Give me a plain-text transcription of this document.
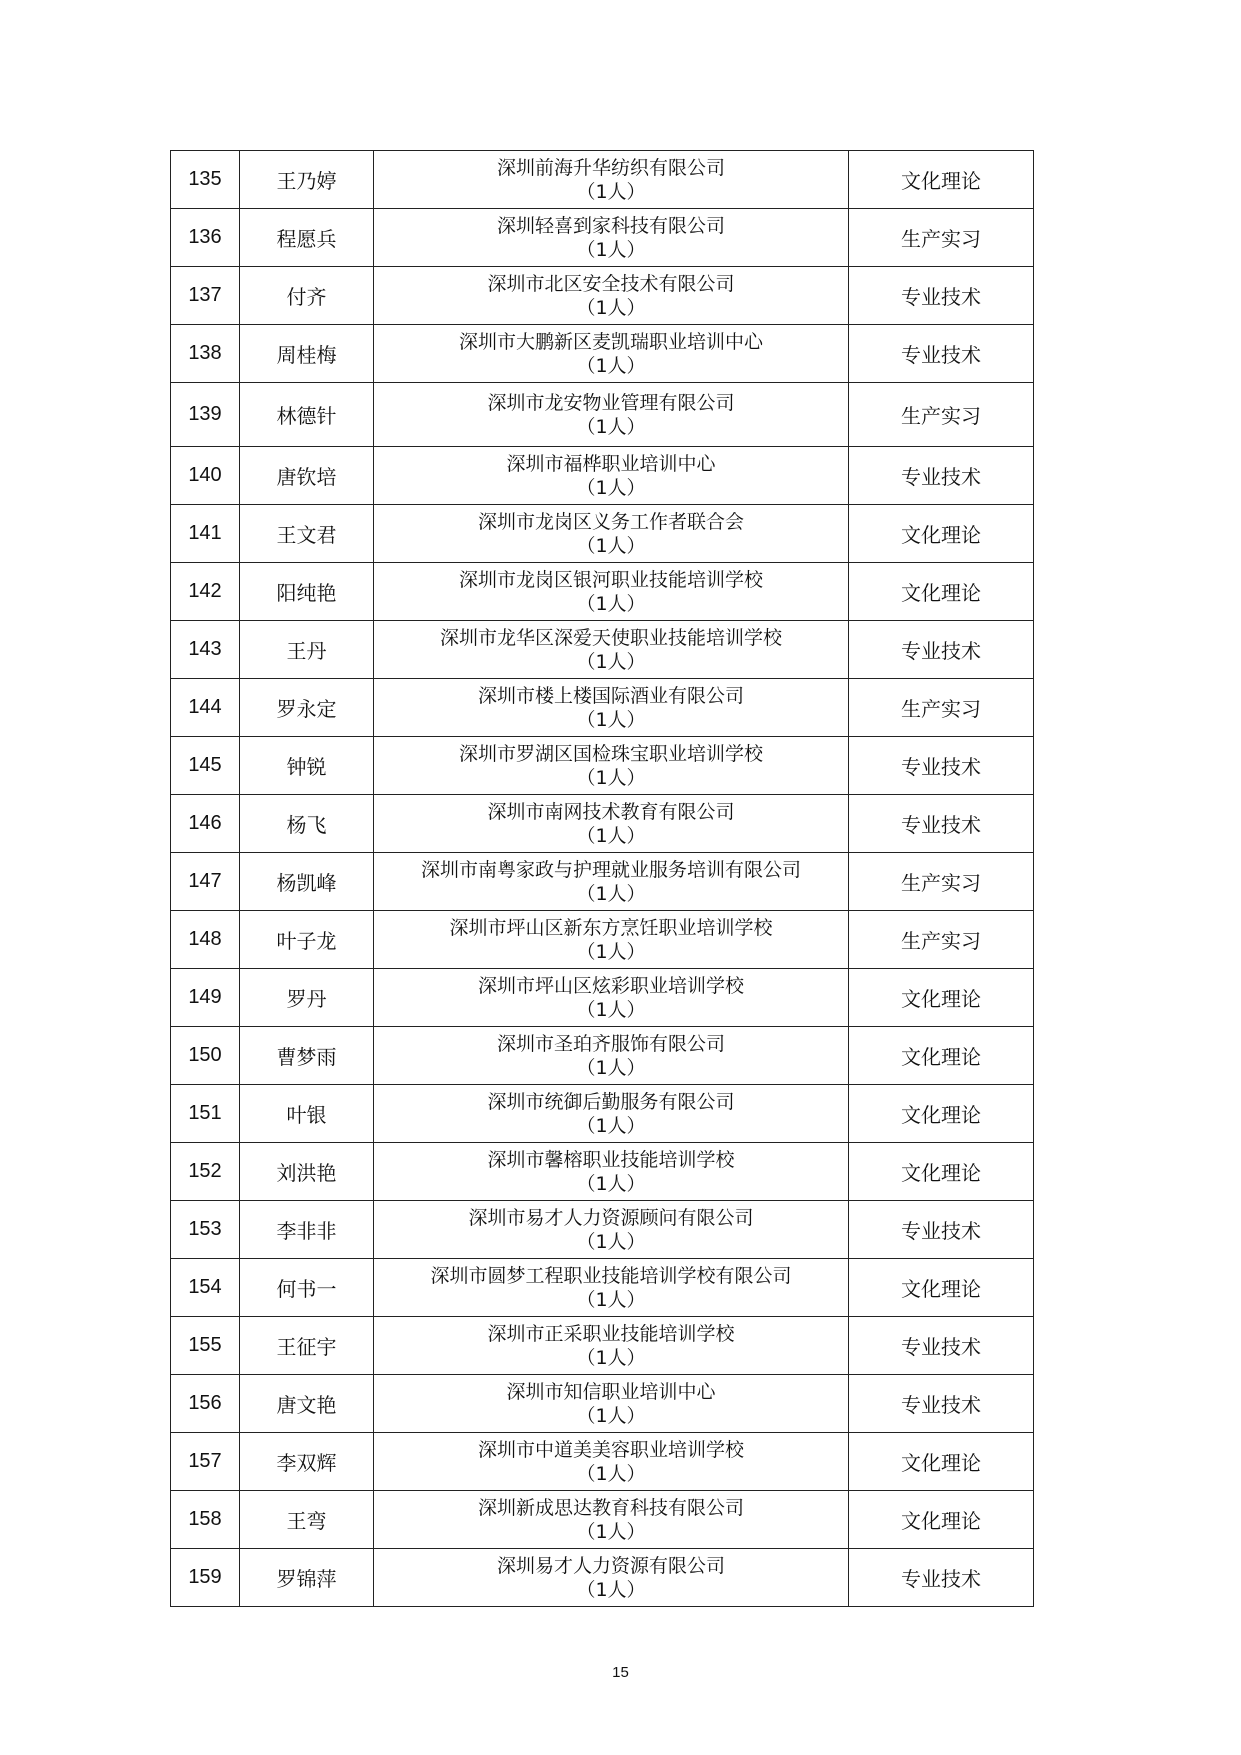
135	王乃婷	深圳前海升华纺织有限公司
（1人）	文化理论
136	程愿兵	深圳轻喜到家科技有限公司
（1人）	生产实习
137	付齐	深圳市北区安全技术有限公司
（1人）	专业技术
138	周桂梅	深圳市大鹏新区麦凯瑞职业培训中心
（1人）	专业技术
139	林德针	深圳市龙安物业管理有限公司
（1人）	生产实习
140	唐钦培	深圳市福桦职业培训中心
（1人）	专业技术
141	王文君	深圳市龙岗区义务工作者联合会
（1人）	文化理论
142	阳纯艳	深圳市龙岗区银河职业技能培训学校
（1人）	文化理论
143	王丹	深圳市龙华区深爱天使职业技能培训学校
（1人）	专业技术
144	罗永定	深圳市楼上楼国际酒业有限公司
（1人）	生产实习
145	钟锐	深圳市罗湖区国检珠宝职业培训学校
（1人）	专业技术
146	杨飞	深圳市南网技术教育有限公司
（1人）	专业技术
147	杨凯峰	深圳市南粤家政与护理就业服务培训有限公司
（1人）	生产实习
148	叶子龙	深圳市坪山区新东方烹饪职业培训学校
（1人）	生产实习
149	罗丹	深圳市坪山区炫彩职业培训学校
（1人）	文化理论
150	曹梦雨	深圳市圣珀齐服饰有限公司
（1人）	文化理论
151	叶银	深圳市统御后勤服务有限公司
（1人）	文化理论
152	刘洪艳	深圳市馨榕职业技能培训学校
（1人）	文化理论
153	李非非	深圳市易才人力资源顾问有限公司
（1人）	专业技术
154	何书一	深圳市圆梦工程职业技能培训学校有限公司
（1人）	文化理论
155	王征宇	深圳市正采职业技能培训学校
（1人）	专业技术
156	唐文艳	深圳市知信职业培训中心
（1人）	专业技术
157	李双辉	深圳市中道美美容职业培训学校
（1人）	文化理论
158	王弯	深圳新成思达教育科技有限公司
（1人）	文化理论
159	罗锦萍	深圳易才人力资源有限公司
（1人）	专业技术
15
